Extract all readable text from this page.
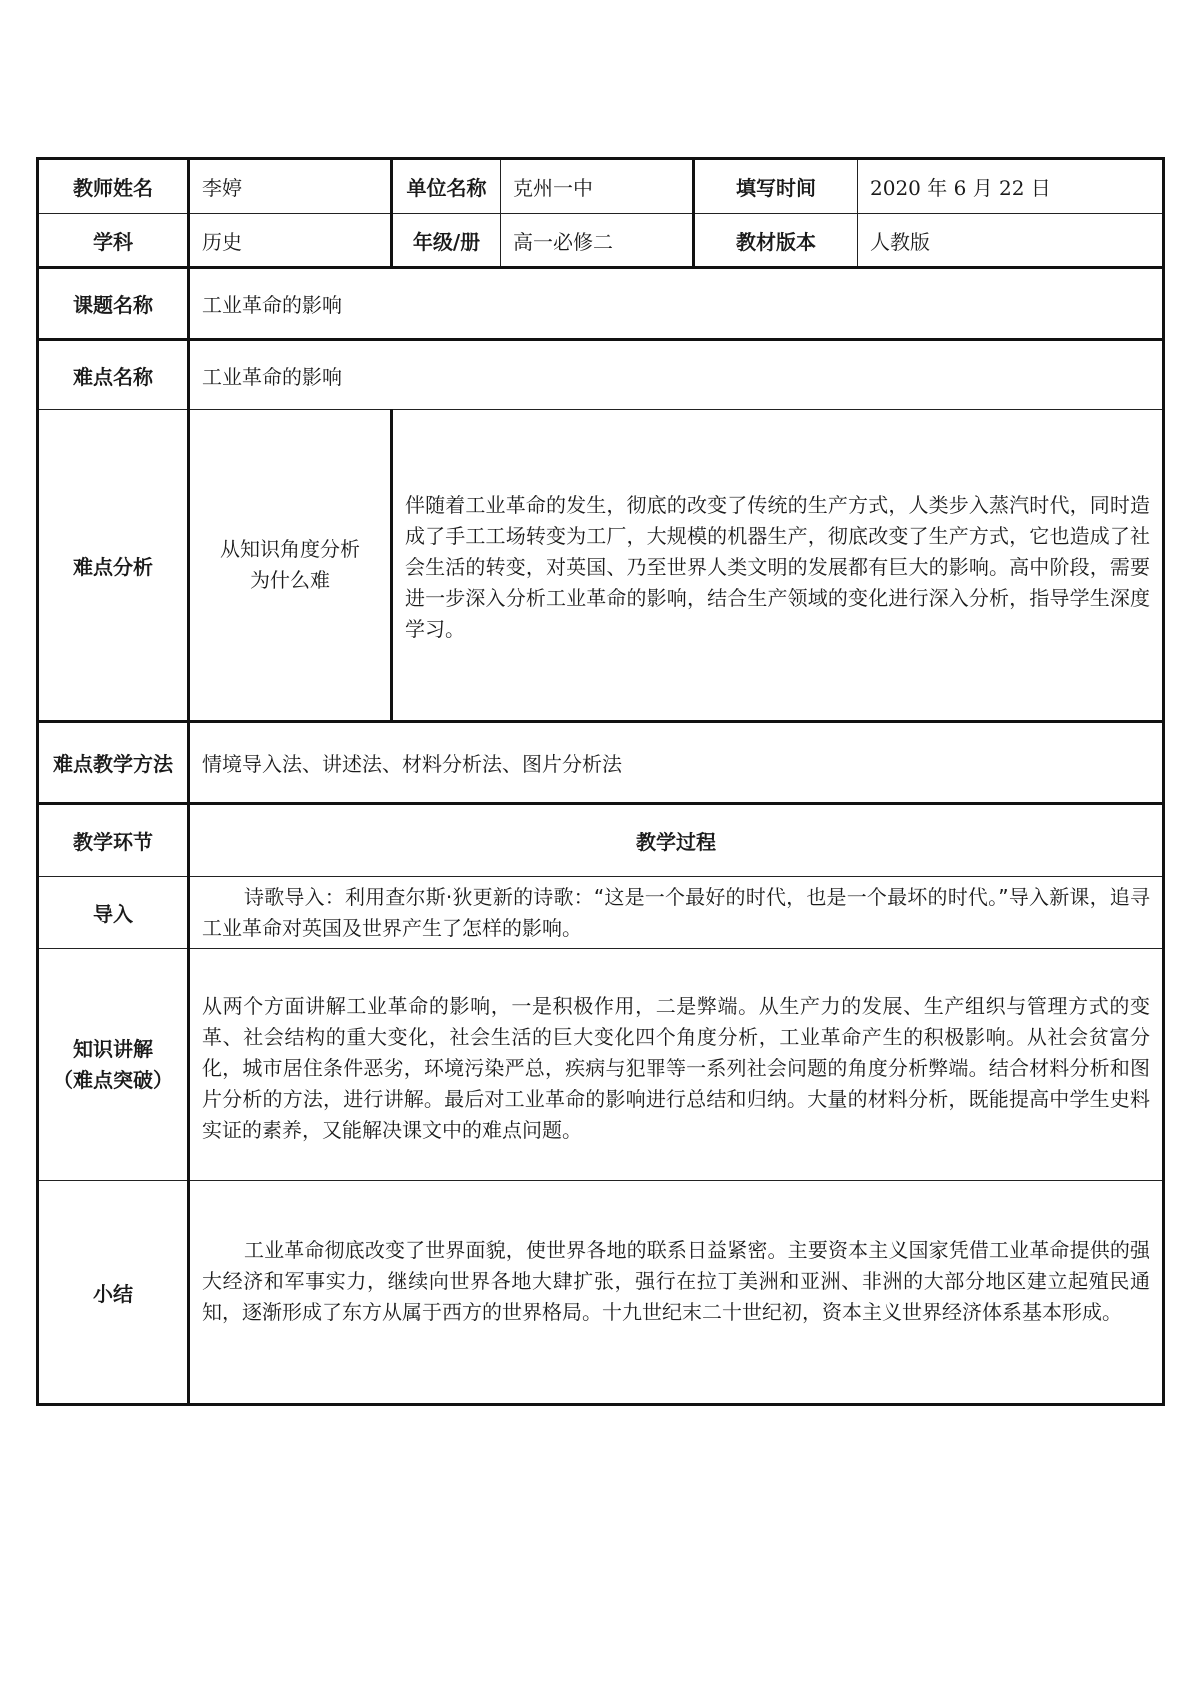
教师姓名	李婷	单位名称	克州一中	填写时间	2020 年 6 月 22 日
学科	历史	年级/册	高一必修二	教材版本	人教版
课题名称	工业革命的影响				
难点名称	工业革命的影响				
难点分析	从知识角度分析为什么难	伴随着工业革命的发生，彻底的改变了传统的生产方式，人类步入蒸汽时代，同时造成了手工工场转变为工厂，大规模的机器生产，彻底改变了生产方式，它也造成了社会生活的转变，对英国、乃至世界人类文明的发展都有巨大的影响。高中阶段，需要进一步深入分析工业革命的影响，结合生产领域的变化进行深入分析，指导学生深度学习。			

难点教学方法	情境导入法、讲述法、材料分析法、图片分析法				
教学环节	教学过程				
导入	诗歌导入：利用查尔斯·狄更新的诗歌：“这是一个最好的时代，也是一个最坏的时代。”导入新课，追寻工业革命对英国及世界产生了怎样的影响。				

知识讲解
（难点突破）	从两个方面讲解工业革命的影响，一是积极作用，二是弊端。从生产力的发展、生产组织与管理方式的变革、社会结构的重大变化，社会生活的巨大变化四个角度分析，工业革命产生的积极影响。从社会贫富分化，城市居住条件恶劣，环境污染严总，疾病与犯罪等一系列社会问题的角度分析弊端。结合材料分析和图片分析的方法，进行讲解。最后对工业革命的影响进行总结和归纳。大量的材料分析，既能提高中学生史料实证的素养，又能解决课文中的难点问题。				

小结	工业革命彻底改变了世界面貌，使世界各地的联系日益紧密。主要资本主义国家凭借工业革命提供的强大经济和军事实力，继续向世界各地大肆扩张，强行在拉丁美洲和亚洲、非洲的大部分地区建立起殖民通知，逐渐形成了东方从属于西方的世界格局。十九世纪末二十世纪初，资本主义世界经济体系基本形成。				
